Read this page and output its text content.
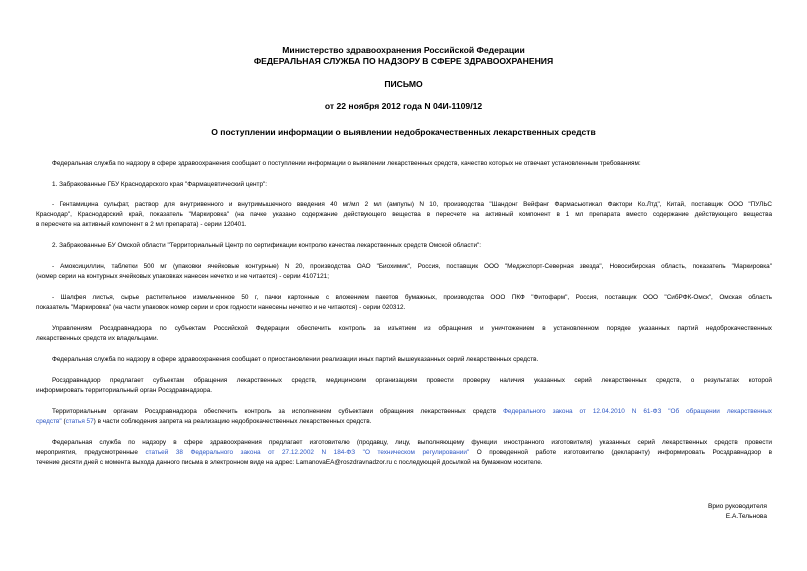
Министерство здравоохранения Российской Федерации
ФЕДЕРАЛЬНАЯ СЛУЖБА ПО НАДЗОРУ В СФЕРЕ ЗДРАВООХРАНЕНИЯ
ПИСЬМО
от 22 ноября 2012 года N 04И-1109/12
О поступлении информации о выявлении недоброкачественных лекарственных средств
Федеральная служба по надзору в сфере здравоохранения сообщает о поступлении информации о выявлении лекарственных средств, качество которых не отвечает установленным требованиям:
1. Забракованные ГБУ Краснодарского края "Фармацевтический центр":
- Гентамицина сульфат, раствор для внутривенного и внутримышечного введения 40 мг/мл 2 мл (ампулы) N 10, производства "Шандонг Вейфанг Фармасьютикал Фактори Ко.Лтд", Китай, поставщик ООО "ПУЛЬС
Краснодар", Краснодарский край, показатель "Маркировка" (на пачке указано содержание действующего вещества в пересчете на активный компонент в 1 мл препарата вместо содержание действующего вещества
в пересчете на активный компонент в 2 мл препарата) - серии 120401.
2. Забракованные БУ Омской области "Территориальный Центр по сертификации контролю качества лекарственных средств Омской области":
- Амоксициллин, таблетки 500 мг (упаковки ячейковые контурные) N 20, производства ОАО "Биохимик", Россия, поставщик ООО "Медэкспорт-Северная звезда", Новосибирская область, показатель "Маркировка"
(номер серии на контурных ячейковых упаковках нанесен нечетко и не читается) - серии 4107121;
- Шалфея листья, сырье растительное измельченное 50 г, пачки картонные с вложением пакетов бумажных, производства ООО ПКФ "Фитофарм", Россия, поставщик ООО "СибРФК-Омск", Омская область
показатель "Маркировка" (на части упаковок номер серии и срок годности нанесены нечетко и не читаются) - серии 020312.
Управлениям Росздравнадзора по субъектам Российской Федерации обеспечить контроль за изъятием из обращения и уничтожением в установленном порядке указанных партий недоброкачественных
лекарственных средств их владельцами.
Федеральная служба по надзору в сфере здравоохранения сообщает о приостановлении реализации иных партий вышеуказанных серий лекарственных средств.
Росздравнадзор предлагает субъектам обращения лекарственных средств, медицинским организациям провести проверку наличия указанных серий лекарственных средств, о результатах которой
информировать территориальный орган Росздравнадзора.
Территориальным органам Росздравнадзора обеспечить контроль за исполнением субъектами обращения лекарственных средств Федерального закона от 12.04.2010 N 61-ФЗ "Об обращении лекарственных
средств" (статья 57) в части соблюдения запрета на реализацию недоброкачественных лекарственных средств.
Федеральная служба по надзору в сфере здравоохранения предлагает изготовителю (продавцу, лицу, выполняющему функции иностранного изготовителя) указанных серий лекарственных средств провести
мероприятия, предусмотренные статьей 38 Федерального закона от 27.12.2002 N 184-ФЗ "О техническом регулировании" О проведенной работе изготовителю (декларанту) информировать Росздравнадзор в
течение десяти дней с момента выхода данного письма в электронном виде на адрес: LamanovaEA@roszdravnadzor.ru с последующей досылкой на бумажном носителе.
Врио руководителя
Е.А.Тельнова
